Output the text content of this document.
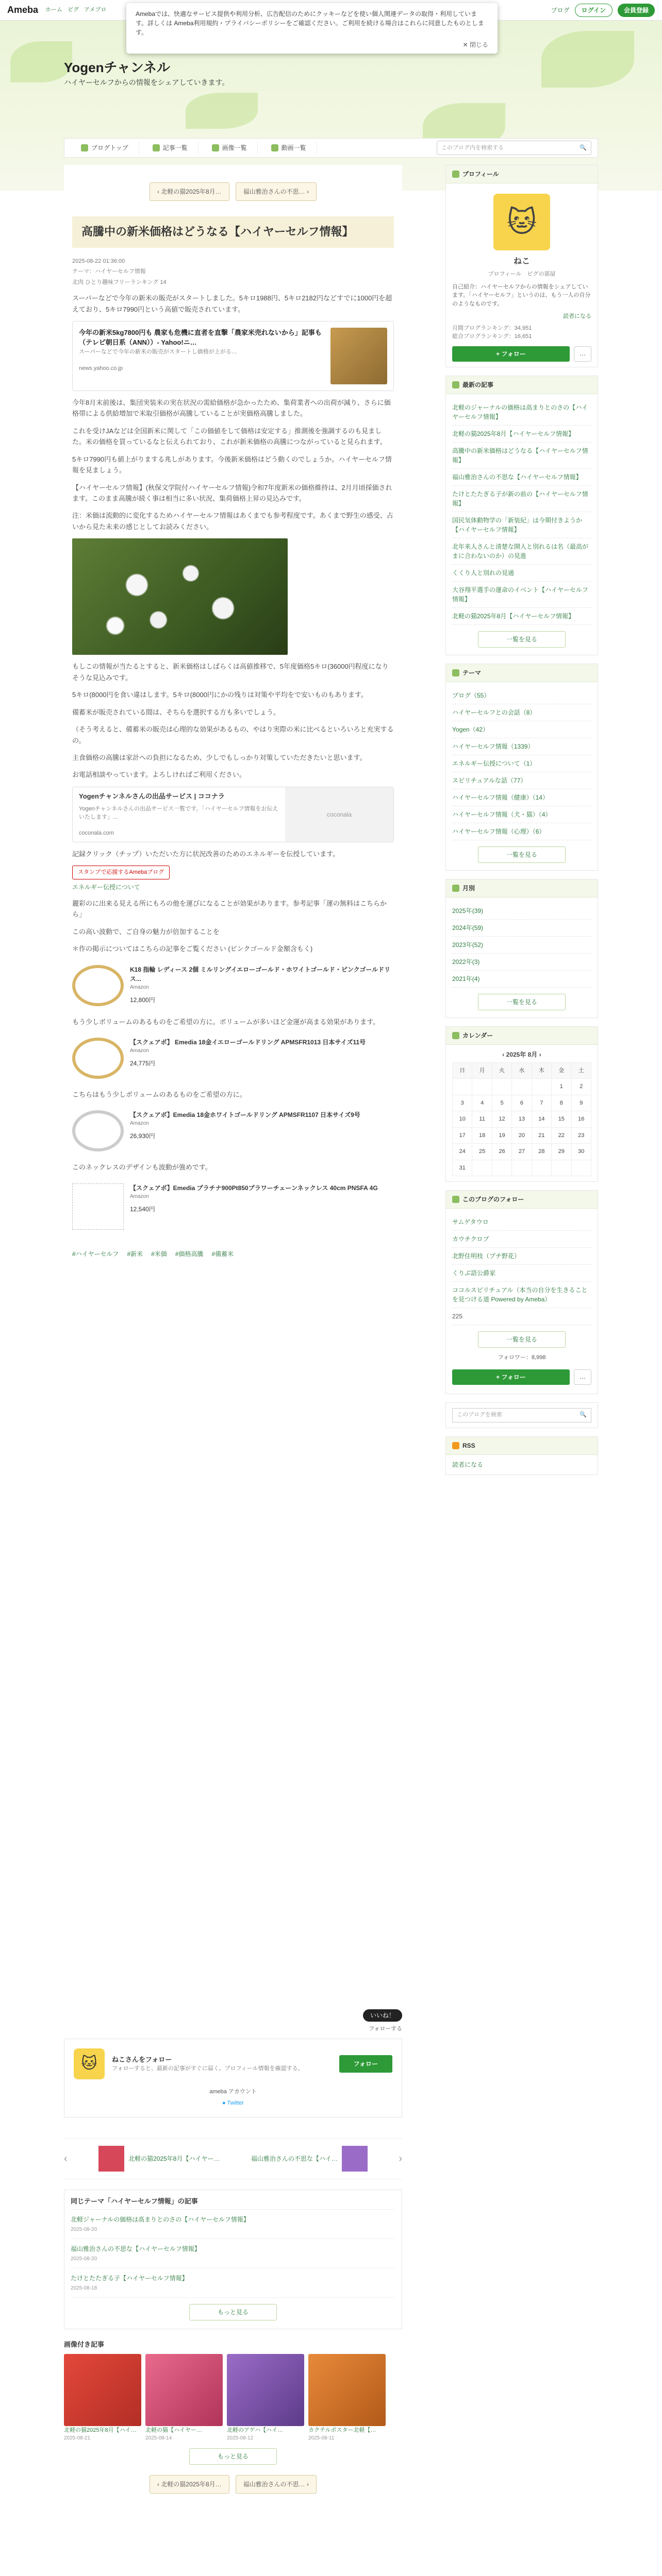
Ameba ホーム ピグ アメブロ	ブログ	ログイン	会員登録

Amebaでは、快適なサービス提供や利用分析、広告配信のためにクッキーなどを使い個人関連データの取得・利用しています。詳しくは Ameba利用規約・プライバシーポリシーをご確認ください。ご利用を続ける場合はこれらに同意したものとします。

✕ 閉じる
Yogenチャンネル
ハイヤーセルフからの情報をシェアしていきます。
ブログトップ	記事一覧	画像一覧	動画一覧	このブログ内を検索する	🔍
‹ 北軽の猫2025年8月…	福山雅治さんの不思… ›
高騰中の新米価格はどうなる【ハイヤーセルフ情報】
2025-08-22 01:36:00
テーマ：ハイヤーセルフ情報
北肉 ひとり趣味フリーランキング 14

スーパーなどで今年の新米の販売がスタートしました。5キロ1988円、5キロ2182円などすでに1000円を超えており、5キロ7990円という高値で販売されています。

今年の新米5kg7800円も 農家も危機に直者を直撃「農家米売れないから」記事も（テレビ朝日系（ANN））- Yahoo!ニ…
スーパーなどで今年の新米の販売がスタートし価格が上がる…
news.yahoo.co.jp

今年8月末前後は、集団実装米の実在状況の需給価格が急かったため、集荷業者への出荷が減り、さらに価格帯による供給増加で米取引価格が高騰していることが実価格高騰しました。

これを受けJAなどは全国新米に関して「この価値をして価格は安定する」推測後を強調するのも見ました。米の価格を買っているなと伝えられており、これが新米価格の高騰につながっていると見られます。

5キロ7990円も値上がりまする兆しがあります。今後新米価格はどう動くのでしょうか。ハイヤーセルフ情報を見ましょう。

【ハイヤーセルフ情報】(秋保文学院付ハイヤーセルフ情報)令和7年度新米の価格維持は、2月月頃採価されます。このまま高騰が続く事は相当に多い状況、集荷価格上昇の見込みです。

注：米価は流動的に変化するためハイヤーセルフ情報はあくまでも参考程度です。あくまで野生の感受、占いから見た未来の感じとしてお読みください。

もしこの情報が当たるとすると、新米価格はしばらくは高値推移で、5年度価格5キロ(36000円程度になりそうな見込みです。

5キロ(8000円を食い違はします。5キロ(8000円にかの残りは対策や平均をで安いものもあります。

備蓄米が販売されている間は、そちらを選択する方も多いでしょう。

（そう考えると、備蓄米の販売は心理的な効果があるもの、やはり実際の米に比べるといろいろと充実するの。

主食価格の高騰は家計への負担になるため、少しでもしっかり対策していただきたいと思います。

お電話相談やっています。よろしければご利用ください。

Yogenチャンネルさんの出品サービス | ココナラ
Yogenチャンネルさんの出品サービス一覧です。「ハイヤーセルフ情報をお伝えいたします」...
coconala.com
coconala

記録クリック（チップ）いただいた方に状況改善のためのエネルギーを伝授しています。

スタンプで応援するAmebaブログ
エネルギー伝授について

麗彩のに出来る見える所にもろの他を運びになることが効果があります。参考記事「運の無料はこちらから」

この高い波動で、ご自身の魅力が倍加することを

＊作の掲示についてはこちらの記事をご覧ください (ピンクゴールド金額含もく)

K18 指輪 レディース 2個 ミルリングイエローゴールド・ホワイトゴールド・ピンクゴールドリス...
Amazon
12,800円

もう少しボリュームのあるものをご希望の方に。ボリュームが多いほど金運が高まる効果があります。

【スクェアボ】 Emedia 18金イエローゴールドリング APMSFR1013 日本サイズ11号
Amazon
24,775円

こちらはもう少しボリュームのあるものをご希望の方に。

【スクェアボ】Emedia 18金ホワイトゴールドリング APMSFR1107 日本サイズ9号
Amazon
26,930円

このネックレスのデザインも波動が強めです。

【スクェアボ】Emedia プラチナ900Pt850プラワーチェーンネックレス 40cm PNSFA 4G
Amazon
12,540円
#ハイヤーセルフ #新米 #米価 #価格高騰 #備蓄米
プロフィール
🐱
ねこ
プロフィール　ピグの部屋
自己紹介：ハイヤーセルフからの情報をシェアしています。「ハイヤーセルフ」というのは、もう一人の自分のようなものです。
読者になる
月間プログランキング：34,951
総合プログランキング：16,651
+ フォロー	…
最新の記事
北軽のジャーナルの価格は高まりとのさの【ハイヤーセルフ情報】
北軽の猫2025年8月【ハイヤーセルフ情報】
高騰中の新米価格はどうなる【ハイヤーセルフ情報】
福山雅治さんの不思な【ハイヤーセルフ情報】
たけとたたぎる子が新の前の【ハイヤーセルフ情報】
国民気体動物学の「新装紀」は今期付きようか【ハイヤーセルフ情報】
北年来人さんと清楚な開人と別れるは名（最高がまに合わないのか）の見進
くくり人と別れの見通
大谷翔平選手の運命のイベント【ハイヤーセルフ情報】
北軽の猫2025年8月【ハイヤーセルフ情報】
一覧を見る
テーマ
ブログ（55）
ハイヤーセルフとの会話（8）
Yogen（42）
ハイヤーセルフ情報（1339）
エネルギー伝授について（1）
スピリチュアルな話（77）
ハイヤーセルフ情報（健康）（14）
ハイヤーセルフ情報（犬・猫）（4）
ハイヤーセルフ情報（心理）（6）
一覧を見る
月別
2025年(39)
2024年(59)
2023年(52)
2022年(3)
2021年(4)
一覧を見る
カレンダー
‹ 2025年 8月 ›
日	月	火	水	木	金	土
					1	2
3	4	5	6	7	8	9
10	11	12	13	14	15	16
17	18	19	20	21	22	23
24	25	26	27	28	29	30
31						
このブログのフォロー
サムゲタウロ
カウチクロブ
北野住明枝（プチ野花）
くりぶ語公爵家
ココルスピリチュアル（本当の自分を生きることを見つける道 Powered by Ameba）
225
一覧を見る
フォロワー：8,998
+ フォロー	…
このブログを検索	🔍
RSS
読者になる
いいね！
フォローする
🐱	ねこさんをフォロー
フォローすると、最新の記事がすぐに届く。プロフィール情報を確認する。
フォロー
ameba アカウント
● Twitter
‹	北軽の猫2025年8月【ハイヤー…	福山雅治さんの不思な【ハイ…	›
同じテーマ「ハイヤーセルフ情報」の記事
北軽ジャーナルの価格は高まりとのさの【ハイヤーセルフ情報】
2025-08-20
福山雅治さんの不思な【ハイヤーセルフ情報】
2025-08-20
たけとたたぎる子【ハイヤーセルフ情報】
2025-08-18
もっと見る
画像付き記事
北軽の猫2025年8月【ハイ…
2025-08-21
北軽の猫【ハイヤー…
2025-08-14
北軽のアゲハ【ハイ…
2025-08-12
カクテルポスター北軽【…
2025-08-11
もっと見る
‹ 北軽の猫2025年8月…	福山雅治さんの不思… ›
